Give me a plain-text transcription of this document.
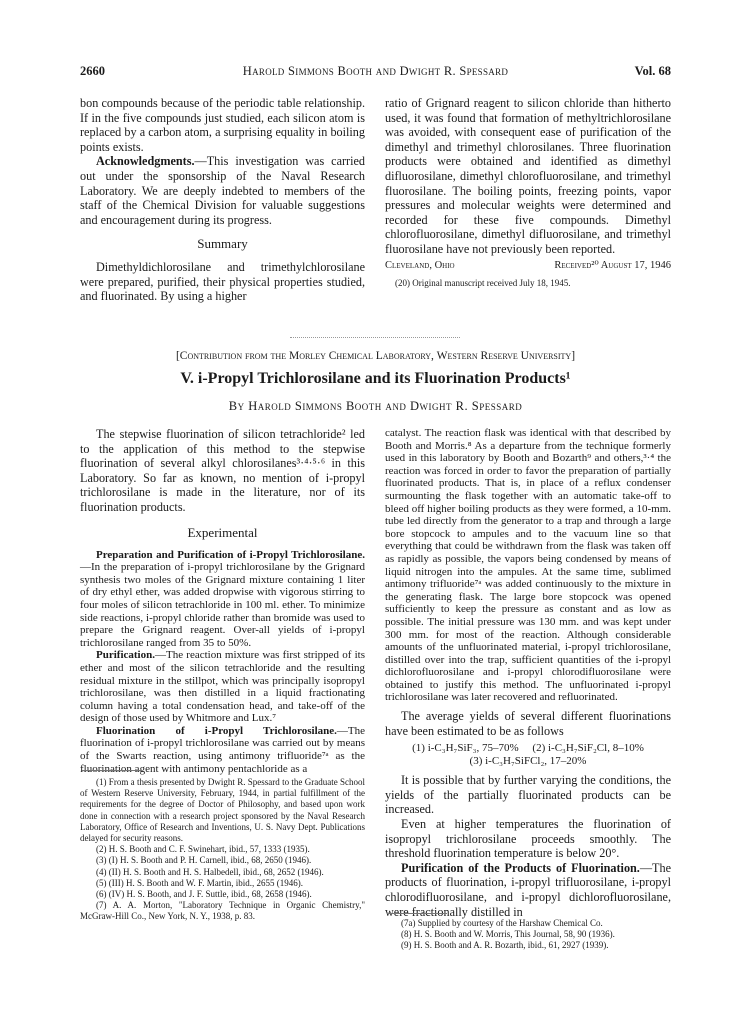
2660	Harold Simmons Booth and Dwight R. Spessard	Vol. 68

bon compounds because of the periodic table relationship. If in the five compounds just studied, each silicon atom is replaced by a carbon atom, a surprising equality in boiling points exists.

Acknowledgments.—This investigation was carried out under the sponsorship of the Naval Research Laboratory. We are deeply indebted to members of the staff of the Chemical Division for valuable suggestions and encouragement during its progress.

Summary

Dimethyldichlorosilane and trimethylchlorosilane were prepared, purified, their physical properties studied, and fluorinated. By using a higher

ratio of Grignard reagent to silicon chloride than hitherto used, it was found that formation of methyltrichlorosilane was avoided, with consequent ease of purification of the dimethyl and trimethyl chlorosilanes. Three fluorination products were obtained and identified as dimethyl difluorosilane, dimethyl chlorofluorosilane, and trimethyl fluorosilane. The boiling points, freezing points, vapor pressures and molecular weights were determined and recorded for these five compounds. Dimethyl chlorofluorosilane, dimethyl difluorosilane, and trimethyl fluorosilane have not previously been reported.

Cleveland, Ohio	Received²⁰ August 17, 1946

(20) Original manuscript received July 18, 1945.

[Contribution from the Morley Chemical Laboratory, Western Reserve University]
V. i-Propyl Trichlorosilane and its Fluorination Products¹
By Harold Simmons Booth and Dwight R. Spessard

The stepwise fluorination of silicon tetrachloride² led to the application of this method to the stepwise fluorination of several alkyl chlorosilanes³·⁴·⁵·⁶ in this Laboratory. So far as known, no mention of i-propyl trichlorosilane is made in the literature, nor of its fluorination products.

Experimental

Preparation and Purification of i-Propyl Trichlorosilane.—In the preparation of i-propyl trichlorosilane by the Grignard synthesis two moles of the Grignard mixture containing 1 liter of dry ethyl ether, was added dropwise with vigorous stirring to four moles of silicon tetrachloride in 100 ml. ether. To minimize side reactions, i-propyl chloride rather than bromide was used to prepare the Grignard reagent. Over-all yields of i-propyl trichlorosilane ranged from 35 to 50%.

Purification.—The reaction mixture was first stripped of its ether and most of the silicon tetrachloride and the resulting residual mixture in the stillpot, which was principally isopropyl trichlorosilane, was then distilled in a liquid fractionating column having a total condensation head, and take-off of the design of those used by Whitmore and Lux.⁷

Fluorination of i-Propyl Trichlorosilane.—The fluorination of i-propyl trichlorosilane was carried out by means of the Swarts reaction, using antimony trifluoride⁷ᵃ as the fluorination agent with antimony pentachloride as a

(1) From a thesis presented by Dwight R. Spessard to the Graduate School of Western Reserve University, February, 1944, in partial fulfillment of the requirements for the degree of Doctor of Philosophy, and based upon work done in connection with a research project sponsored by the Naval Research Laboratory, Office of Research and Inventions, U. S. Navy Dept. Publications delayed for security reasons.

(2) H. S. Booth and C. F. Swinehart, ibid., 57, 1333 (1935).

(3) (I) H. S. Booth and P. H. Carnell, ibid., 68, 2650 (1946).

(4) (II) H. S. Booth and H. S. Halbedell, ibid., 68, 2652 (1946).

(5) (III) H. S. Booth and W. F. Martin, ibid., 2655 (1946).

(6) (IV) H. S. Booth, and J. F. Suttle, ibid., 68, 2658 (1946).

(7) A. A. Morton, "Laboratory Technique in Organic Chemistry," McGraw-Hill Co., New York, N. Y., 1938, p. 83.

catalyst. The reaction flask was identical with that described by Booth and Morris.⁸ As a departure from the technique formerly used in this laboratory by Booth and Bozarth⁹ and others,³·⁴ the reaction was forced in order to favor the preparation of partially fluorinated products. That is, in place of a reflux condenser surmounting the flask together with an automatic take-off to bleed off higher boiling products as they were formed, a 10-mm. tube led directly from the generator to a trap and through a large bore stopcock to ampules and to the vacuum line so that everything that could be withdrawn from the flask was taken off as rapidly as possible, the vapors being condensed by means of liquid nitrogen into the ampules. At the same time, sublimed antimony trifluoride⁷ᵃ was added continuously to the mixture in the generating flask. The large bore stopcock was opened sufficiently to keep the pressure as constant and as low as possible. The initial pressure was 130 mm. and was kept under 300 mm. for most of the reaction. Although considerable amounts of the unfluorinated material, i-propyl trichlorosilane, distilled over into the trap, sufficient quantities of the i-propyl dichlorofluorosilane and i-propyl chlorodifluorosilane were obtained to justify this method. The unfluorinated i-propyl trichlorosilane was later recovered and refluorinated.

The average yields of several different fluorinations have been estimated to be as follows

(1) i-C₃H₇SiF₃, 75–70%     (2) i-C₃H₇SiF₂Cl, 8–10%
(3) i-C₃H₇SiFCl₂, 17–20%

It is possible that by further varying the conditions, the yields of the partially fluorinated products can be increased.

Even at higher temperatures the fluorination of isopropyl trichlorosilane proceeds smoothly. The threshold fluorination temperature is below 20°.

Purification of the Products of Fluorination.—The products of fluorination, i-propyl trifluorosilane, i-propyl chlorodifluorosilane, and i-propyl dichlorofluorosilane, were fractionally distilled in

(7a) Supplied by courtesy of the Harshaw Chemical Co.

(8) H. S. Booth and W. Morris, This Journal, 58, 90 (1936).

(9) H. S. Booth and A. R. Bozarth, ibid., 61, 2927 (1939).
